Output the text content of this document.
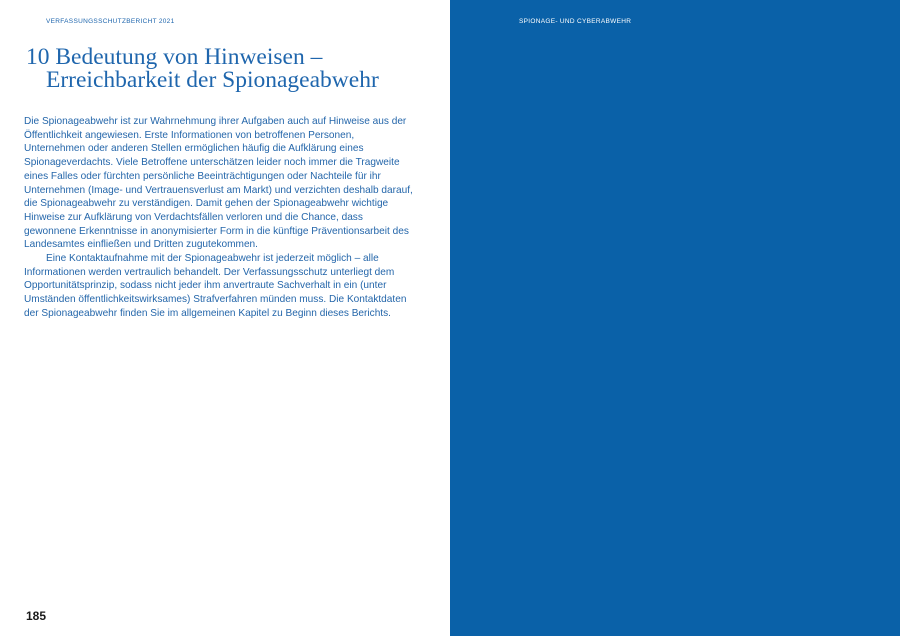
VERFASSUNGSSCHUTZBERICHT 2021
10 Bedeutung von Hinweisen –
Erreichbarkeit der Spionageabwehr

Die Spionageabwehr ist zur Wahrnehmung ihrer Aufgaben auch auf Hinweise aus der Öffentlichkeit angewiesen. Erste Informationen von betroffenen Personen, Unternehmen oder anderen Stellen ermöglichen häufig die Aufklärung eines Spionageverdachts. Viele Betroffene unterschätzen leider noch immer die Tragweite eines Falles oder fürchten persönliche Beeinträchtigungen oder Nachteile für ihr Unternehmen (Image- und Vertrauensverlust am Markt) und verzichten deshalb darauf, die Spionageabwehr zu verständigen. Damit gehen der Spionageabwehr wichtige Hinweise zur Aufklärung von Verdachtsfällen verloren und die Chance, dass gewonnene Erkenntnisse in anonymisierter Form in die künftige Präventionsarbeit des Landesamtes einfließen und Dritten zugutekommen.

Eine Kontaktaufnahme mit der Spionageabwehr ist jederzeit möglich – alle Informationen werden vertraulich behandelt. Der Verfassungsschutz unterliegt dem Opportunitätsprinzip, sodass nicht jeder ihm anvertraute Sachverhalt in ein (unter Umständen öffentlichkeitswirksames) Strafverfahren münden muss. Die Kontaktdaten der Spionageabwehr finden Sie im allgemeinen Kapitel zu Beginn dieses Berichts.

185
SPIONAGE- UND CYBERABWEHR
